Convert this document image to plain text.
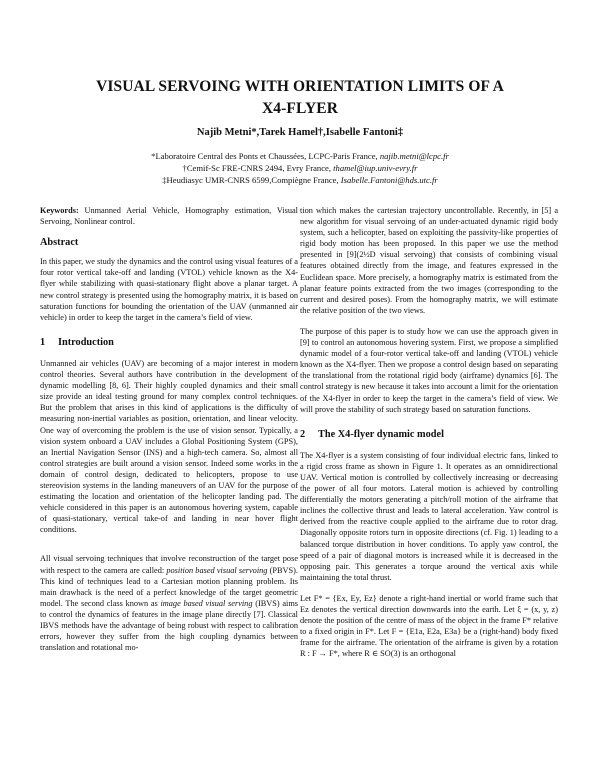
VISUAL SERVOING WITH ORIENTATION LIMITS OF A
X4-FLYER
Najib Metni*,Tarek Hamel†,Isabelle Fantoni‡
*Laboratoire Central des Ponts et Chaussées, LCPC-Paris France, najib.metni@lcpc.fr
†Cemif-Sc FRE-CNRS 2494, Evry France, thamel@iup.univ-evry.fr
‡Heudiasyc UMR-CNRS 6599,Compiègne France, Isabelle.Fantoni@hds.utc.fr

Keywords: Unmanned Aerial Vehicle, Homography estimation, Visual Servoing, Nonlinear control.

Abstract

In this paper, we study the dynamics and the control using visual features of a four rotor vertical take-off and landing (VTOL) vehicle known as the X4-flyer while stabilizing with quasi-stationary flight above a planar target. A new control strategy is presented using the homography matrix, it is based on saturation functions for bounding the orientation of the UAV (unmanned air vehicle) in order to keep the target in the camera’s field of view.

1 Introduction

Unmanned air vehicles (UAV) are becoming of a major interest in modern control theories. Several authors have contribution in the development of dynamic modelling [8, 6]. Their highly coupled dynamics and their small size provide an ideal testing ground for many complex control techniques. But the problem that arises in this kind of applications is the difficulty of measuring non-inertial variables as position, orientation, and linear velocity. One way of overcoming the problem is the use of vision sensor. Typically, a vision system onboard a UAV includes a Global Positioning System (GPS), an Inertial Navigation Sensor (INS) and a high-tech camera. So, almost all control strategies are built around a vision sensor. Indeed some works in the domain of control design, dedicated to helicopters, propose to use stereovision systems in the landing maneuvers of an UAV for the purpose of estimating the location and orientation of the helicopter landing pad. The vehicle considered in this paper is an autonomous hovering system, capable of quasi-stationary, vertical take-of and landing in near hover flight conditions.

All visual servoing techniques that involve reconstruction of the target pose with respect to the camera are called: position based visual servoing (PBVS). This kind of techniques lead to a Cartesian motion planning problem. Its main drawback is the need of a perfect knowledge of the target geometric model. The second class known as image based visual serving (IBVS) aims to control the dynamics of features in the image plane directly [7]. Classical IBVS methods have the advantage of being robust with respect to calibration errors, however they suffer from the high coupling dynamics between translation and rotational mo-

tion which makes the cartesian trajectory uncontrollable. Recently, in [5] a new algorithm for visual servoing of an under-actuated dynamic rigid body system, such a helicopter, based on exploiting the passivity-like properties of rigid body motion has been proposed. In this paper we use the method presented in [9](2½D visual servoing) that consists of combining visual features obtained directly from the image, and features expressed in the Euclidean space. More precisely, a homography matrix is estimated from the planar feature points extracted from the two images (corresponding to the current and desired poses). From the homography matrix, we will estimate the relative position of the two views.

The purpose of this paper is to study how we can use the approach given in [9] to control an autonomous hovering system. First, we propose a simplified dynamic model of a four-rotor vertical take-off and landing (VTOL) vehicle known as the X4-flyer. Then we propose a control design based on separating the translational from the rotational rigid body (airframe) dynamics [6]. The control strategy is new because it takes into account a limit for the orientation of the X4-flyer in order to keep the target in the camera’s field of view. We will prove the stability of such strategy based on saturation functions.

2 The X4-flyer dynamic model

The X4-flyer is a system consisting of four individual electric fans, linked to a rigid cross frame as shown in Figure 1. It operates as an omnidirectional UAV. Vertical motion is controlled by collectively increasing or decreasing the power of all four motors. Lateral motion is achieved by controlling differentially the motors generating a pitch/roll motion of the airframe that inclines the collective thrust and leads to lateral acceleration. Yaw control is derived from the reactive couple applied to the airframe due to rotor drag. Diagonally opposite rotors turn in opposite directions (cf. Fig. 1) leading to a balanced torque distribution in hover conditions. To apply yaw control, the speed of a pair of diagonal motors is increased while it is decreased in the opposing pair. This generates a torque around the vertical axis while maintaining the total thrust.

Let F* = {Ex, Ey, Ez} denote a right-hand inertial or world frame such that Ez denotes the vertical direction downwards into the earth. Let ξ = (x, y, z) denote the position of the centre of mass of the object in the frame F* relative to a fixed origin in F*. Let F = {E1a, E2a, E3a} be a (right-hand) body fixed frame for the airframe. The orientation of the airframe is given by a rotation R : F → F*, where R ∈ SO(3) is an orthogonal
